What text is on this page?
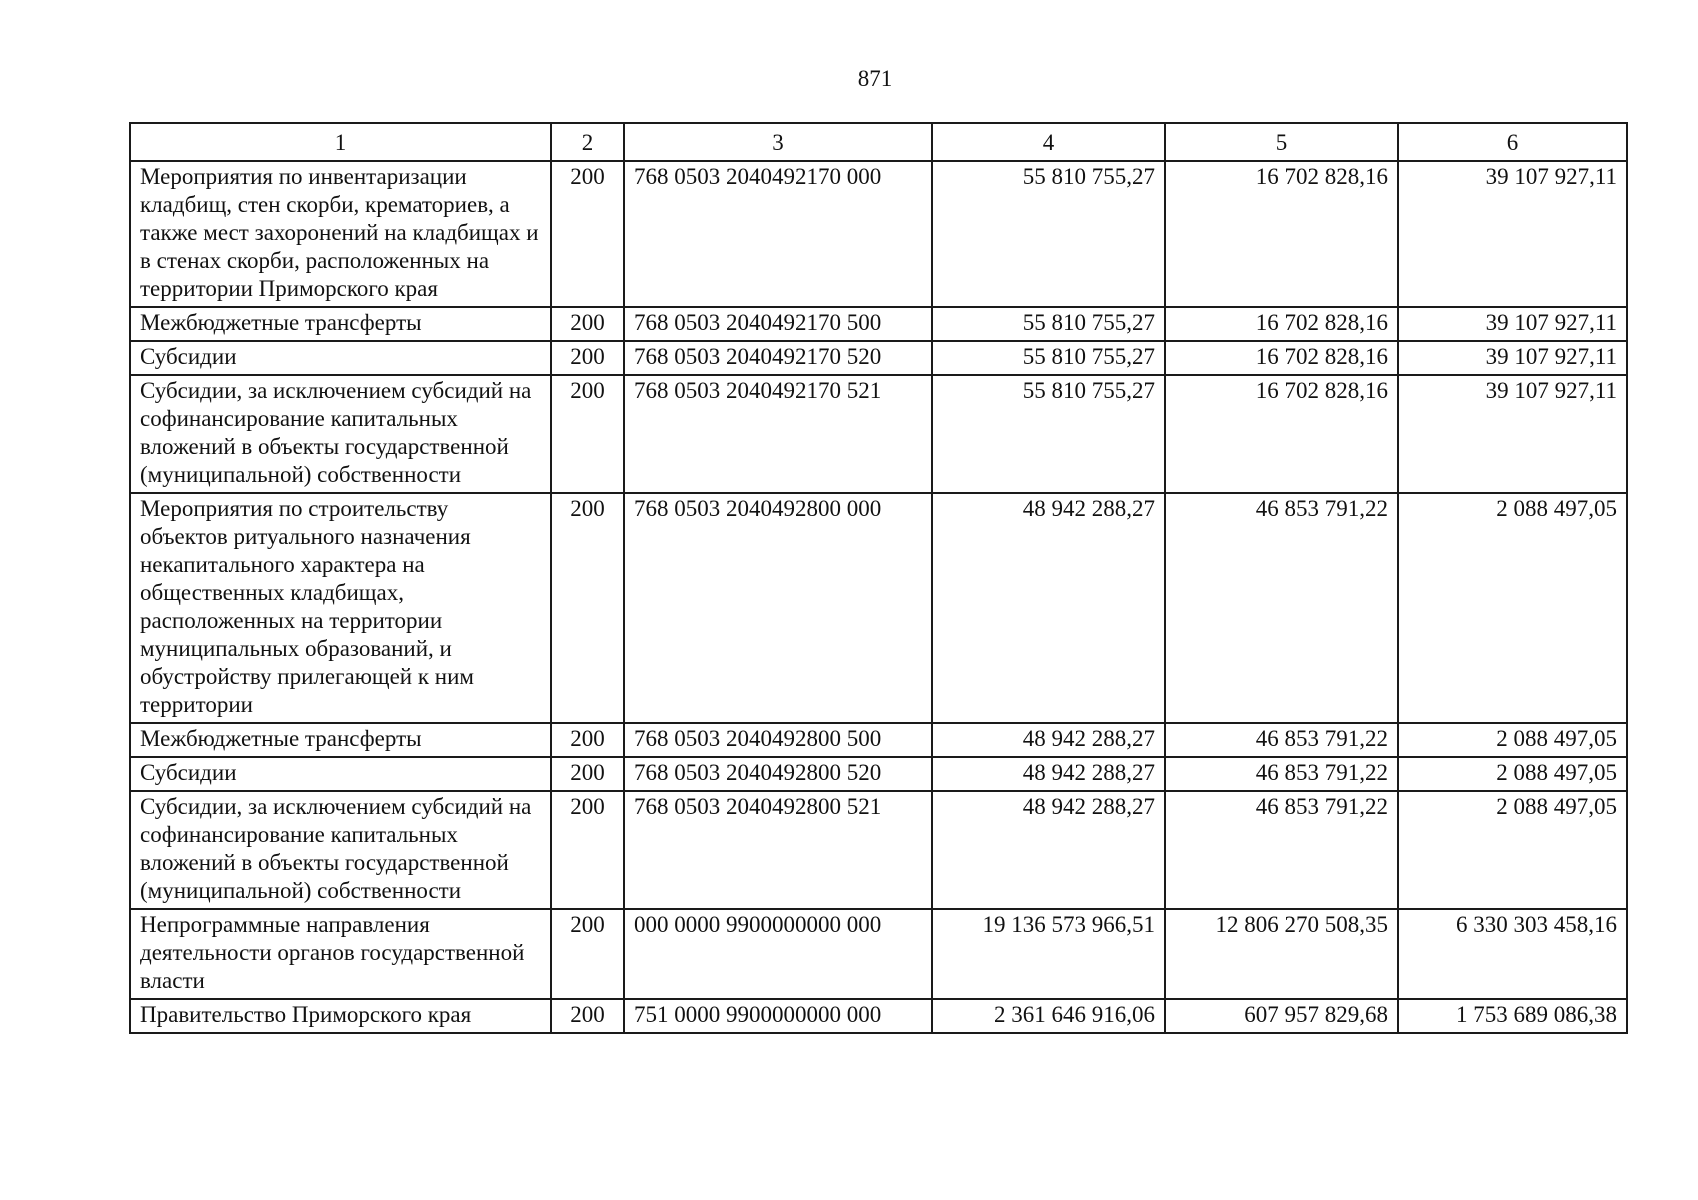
871
1	2	3	4	5	6
Мероприятия по инвентаризации кладбищ, стен скорби, крематориев, а также мест захоронений на кладбищах и в стенах скорби, расположенных на территории Приморского края	200	768 0503 2040492170 000	55 810 755,27	16 702 828,16	39 107 927,11
Межбюджетные трансферты	200	768 0503 2040492170 500	55 810 755,27	16 702 828,16	39 107 927,11
Субсидии	200	768 0503 2040492170 520	55 810 755,27	16 702 828,16	39 107 927,11
Субсидии, за исключением субсидий на софинансирование капитальных вложений в объекты государственной (муниципальной) собственности	200	768 0503 2040492170 521	55 810 755,27	16 702 828,16	39 107 927,11
Мероприятия по строительству объектов ритуального назначения некапитального характера на общественных кладбищах, расположенных на территории муниципальных образований, и обустройству прилегающей к ним территории	200	768 0503 2040492800 000	48 942 288,27	46 853 791,22	2 088 497,05
Межбюджетные трансферты	200	768 0503 2040492800 500	48 942 288,27	46 853 791,22	2 088 497,05
Субсидии	200	768 0503 2040492800 520	48 942 288,27	46 853 791,22	2 088 497,05
Субсидии, за исключением субсидий на софинансирование капитальных вложений в объекты государственной (муниципальной) собственности	200	768 0503 2040492800 521	48 942 288,27	46 853 791,22	2 088 497,05
Непрограммные направления деятельности органов государственной власти	200	000 0000 9900000000 000	19 136 573 966,51	12 806 270 508,35	6 330 303 458,16
Правительство Приморского края	200	751 0000 9900000000 000	2 361 646 916,06	607 957 829,68	1 753 689 086,38
